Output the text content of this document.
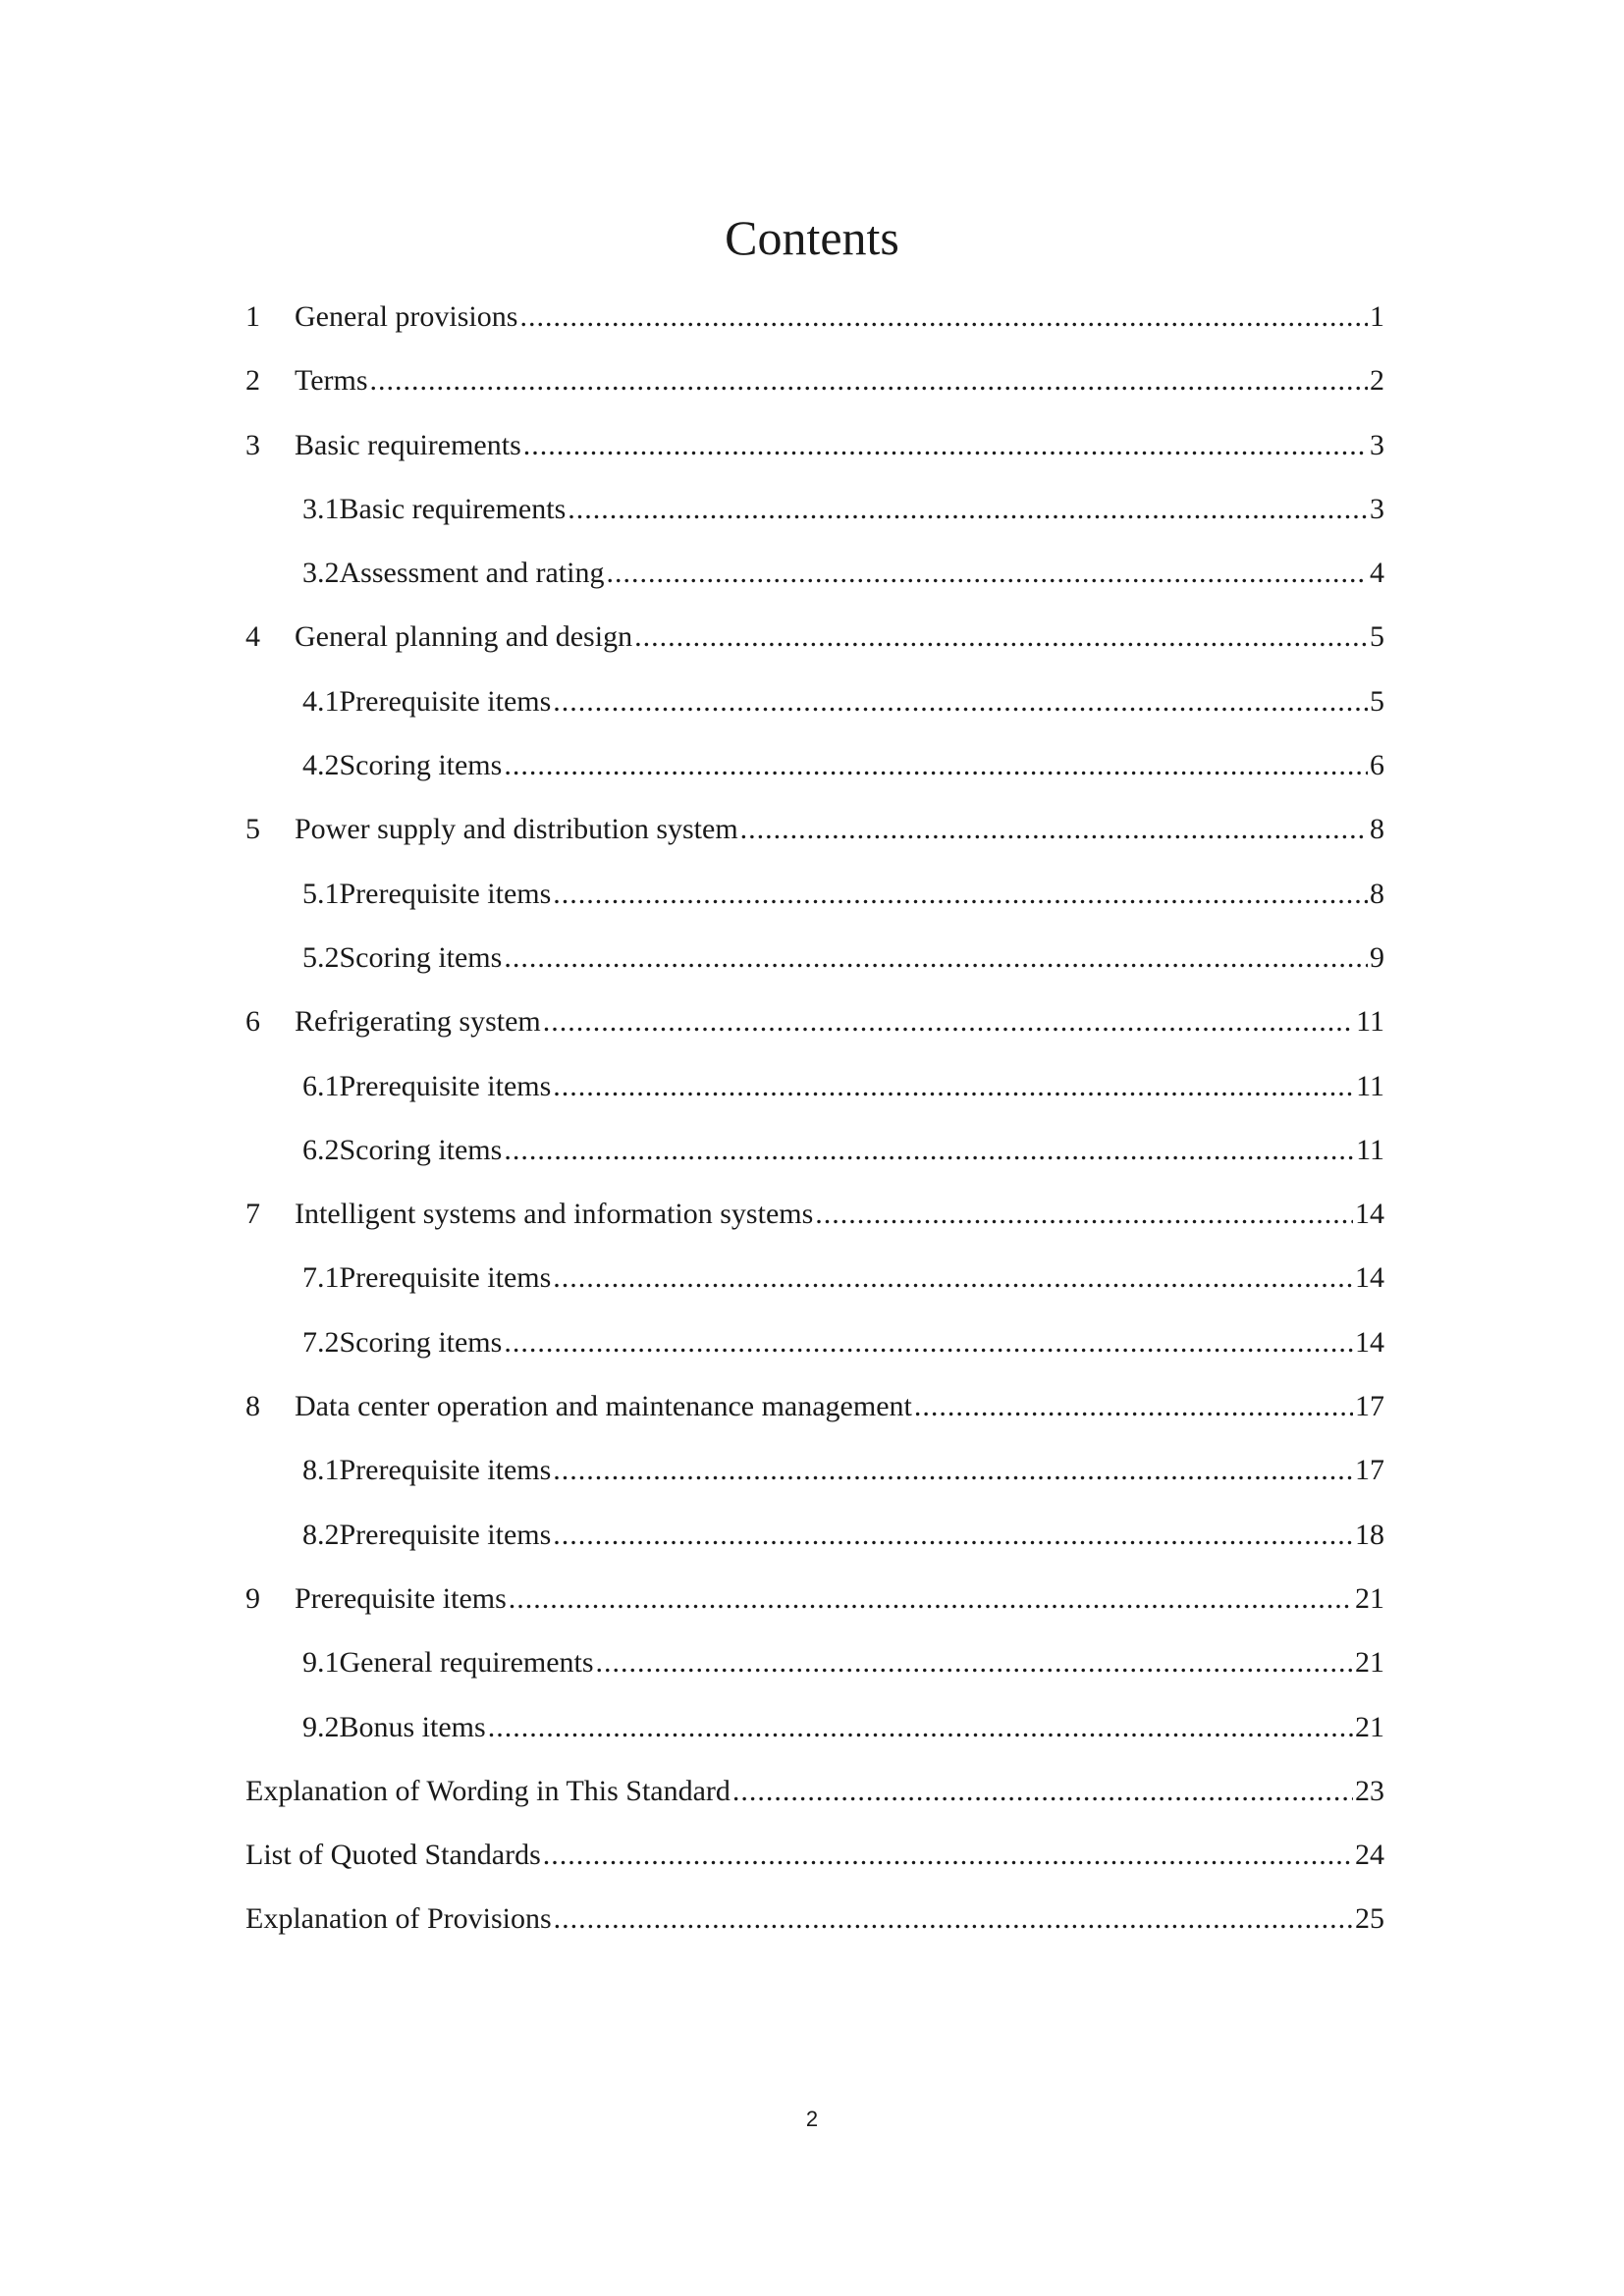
Contents
1	General provisions .....	1
2	Terms .....	2
3	Basic requirements .....	3
3.1 Basic requirements .....	3
3.2 Assessment and rating .....	4
4	General planning and design .....	5
4.1 Prerequisite items .....	5
4.2 Scoring items .....	6
5	Power supply and distribution system .....	8
5.1 Prerequisite items .....	8
5.2 Scoring items .....	9
6	Refrigerating system .....	11
6.1 Prerequisite items .....	11
6.2 Scoring items .....	11
7	Intelligent systems and information systems .....	14
7.1 Prerequisite items .....	14
7.2 Scoring items .....	14
8	Data center operation and maintenance management .....	17
8.1 Prerequisite items .....	17
8.2 Prerequisite items .....	18
9	Prerequisite items .....	21
9.1 General requirements .....	21
9.2 Bonus items .....	21
Explanation of Wording in This Standard .....	23
List of Quoted Standards .....	24
Explanation of Provisions .....	25
2
